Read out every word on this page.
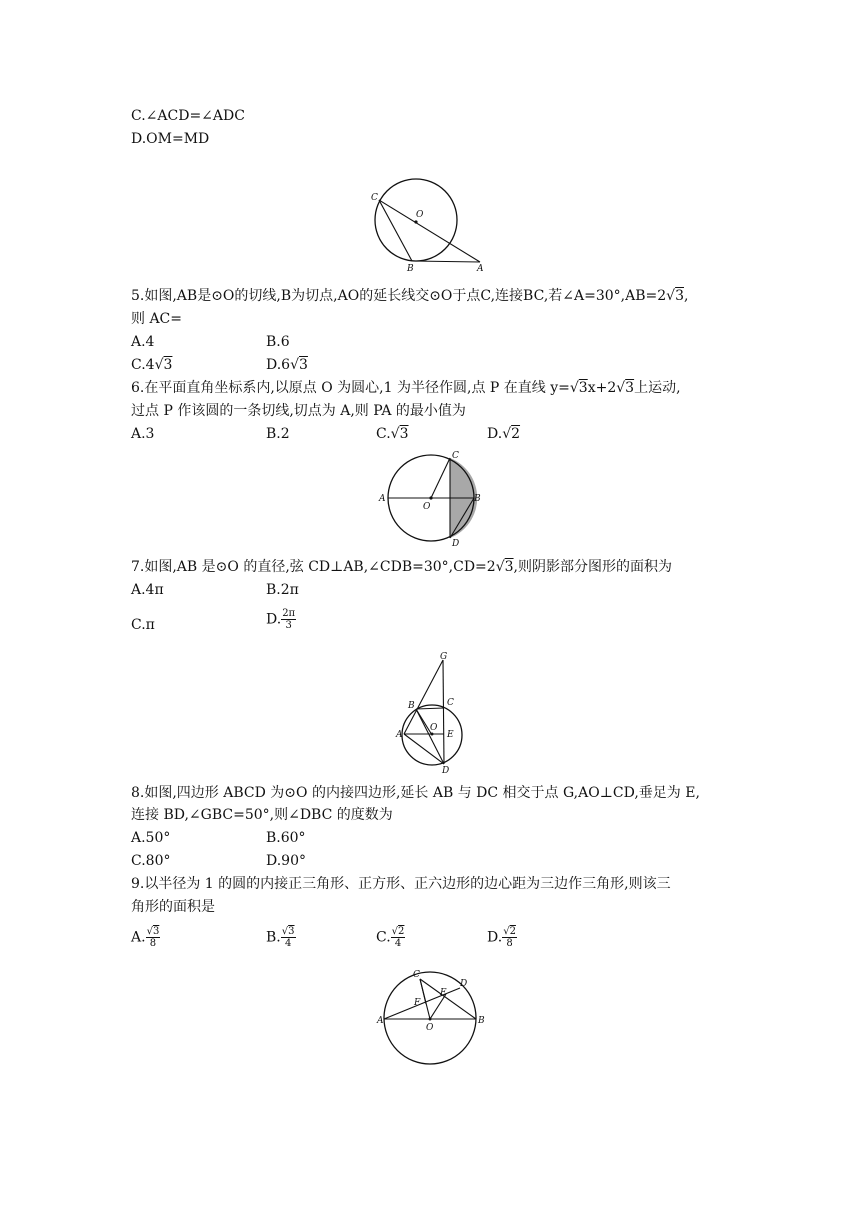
C.∠ACD=∠ADC
D.OM=MD
C
O
B	A
5.如图,AB是⊙O的切线,B为切点,AO的延长线交⊙O于点C,连接BC,若∠A=30°,AB=2√3,
则 AC=
A.4	B.6
C.4√3	D.6√3
6.在平面直角坐标系内,以原点 O 为圆心,1 为半径作圆,点 P 在直线 y=√3x+2√3上运动,
过点 P 作该圆的一条切线,切点为 A,则 PA 的最小值为
A.3	B.2	C.√3	D.√2
C
A
O
B
D
7.如图,AB 是⊙O 的直径,弦 CD⊥AB,∠CDB=30°,CD=2√3,则阴影部分图形的面积为
A.4π	B.2π
C.π	D. $\frac{2\pi}{3}$
G
B	C
A
O
E
D
8.如图,四边形 ABCD 为⊙O 的内接四边形,延长 AB 与 DC 相交于点 G,AO⊥CD,垂足为 E,
连接 BD,∠GBC=50°,则∠DBC 的度数为
A.50°	B.60°
C.80°	D.90°
9.以半径为 1 的圆的内接正三角形、正方形、正六边形的边心距为三边作三角形,则该三
角形的面积是
A. $\frac{√3}{8}$	B. $\frac{√3}{4}$	C. $\frac{√2}{4}$	D. $\frac{√2}{8}$
C
D
E
F
A
O
B
